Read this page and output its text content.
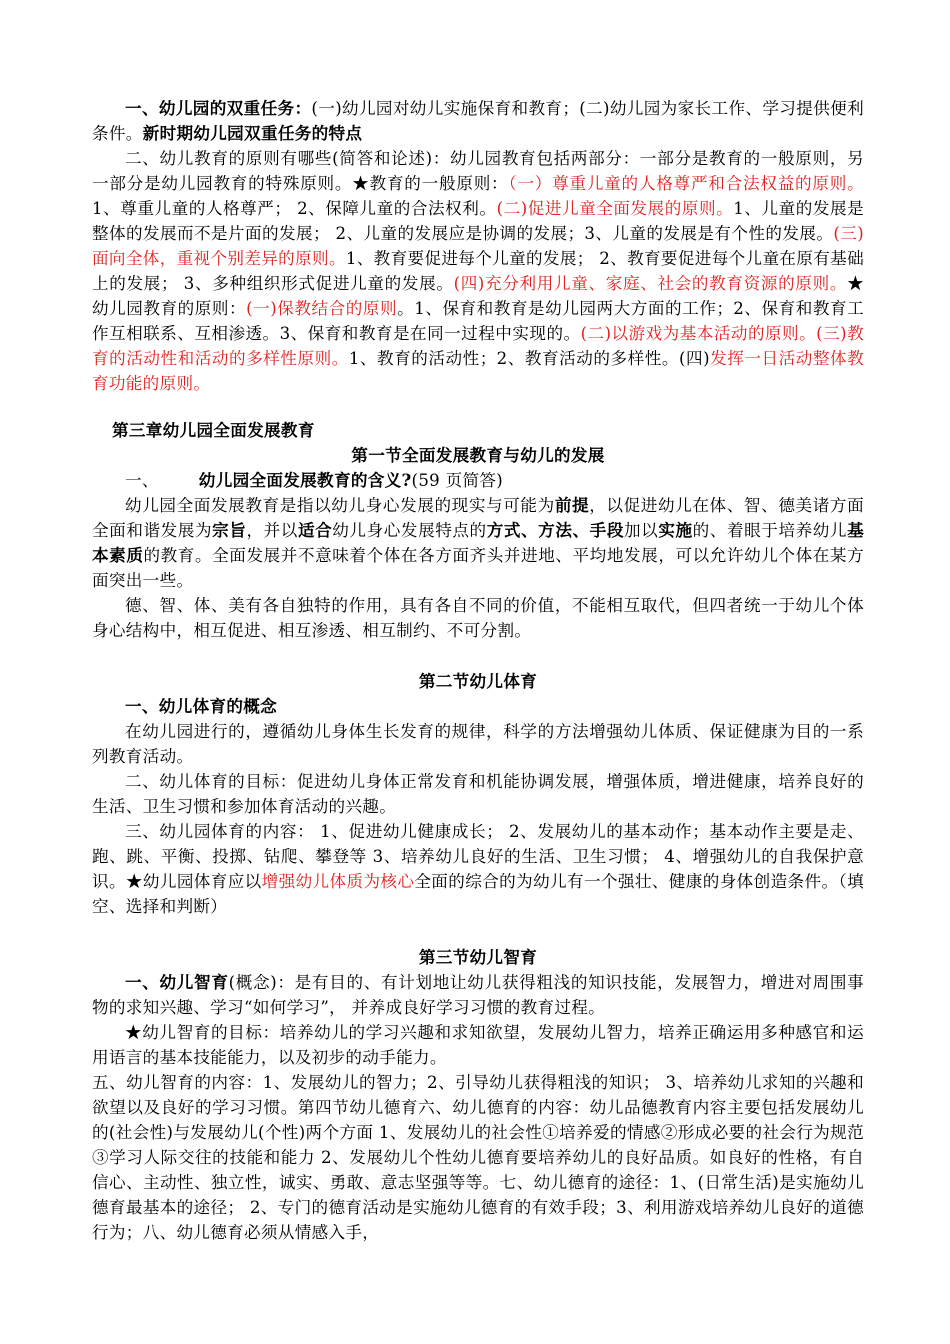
一、幼儿园的双重任务：(一)幼儿园对幼儿实施保育和教育；(二)幼儿园为家长工作、学习提供便利条件。新时期幼儿园双重任务的特点

二、幼儿教育的原则有哪些(简答和论述)：幼儿园教育包括两部分：一部分是教育的一般原则，另一部分是幼儿园教育的特殊原则。★教育的一般原则：（一）尊重儿童的人格尊严和合法权益的原则。1、尊重儿童的人格尊严； 2、保障儿童的合法权利。(二)促进儿童全面发展的原则。1、儿童的发展是整体的发展而不是片面的发展； 2、儿童的发展应是协调的发展；3、儿童的发展是有个性的发展。(三)面向全体，重视个别差异的原则。1、教育要促进每个儿童的发展； 2、教育要促进每个儿童在原有基础上的发展； 3、多种组织形式促进儿童的发展。(四)充分利用儿童、家庭、社会的教育资源的原则。★幼儿园教育的原则：(一)保教结合的原则。1、保育和教育是幼儿园两大方面的工作；2、保育和教育工作互相联系、互相渗透。3、保育和教育是在同一过程中实现的。(二)以游戏为基本活动的原则。(三)教育的活动性和活动的多样性原则。1、教育的活动性；2、教育活动的多样性。(四)发挥一日活动整体教育功能的原则。

第三章幼儿园全面发展教育

第一节全面发展教育与幼儿的发展

一、 幼儿园全面发展教育的含义?(59 页简答)

幼儿园全面发展教育是指以幼儿身心发展的现实与可能为前提，以促进幼儿在体、智、德美诸方面全面和谐发展为宗旨，并以适合幼儿身心发展特点的方式、方法、手段加以实施的、着眼于培养幼儿基本素质的教育。全面发展并不意味着个体在各方面齐头并进地、平均地发展，可以允许幼儿个体在某方面突出一些。

德、智、体、美有各自独特的作用，具有各自不同的价值，不能相互取代，但四者统一于幼儿个体身心结构中，相互促进、相互渗透、相互制约、不可分割。

第二节幼儿体育

一、幼儿体育的概念

在幼儿园进行的，遵循幼儿身体生长发育的规律，科学的方法增强幼儿体质、保证健康为目的一系列教育活动。

二、幼儿体育的目标：促进幼儿身体正常发育和机能协调发展，增强体质，增进健康，培养良好的生活、卫生习惯和参加体育活动的兴趣。

三、幼儿园体育的内容： 1、促进幼儿健康成长； 2、发展幼儿的基本动作；基本动作主要是走、跑、跳、平衡、投掷、钻爬、攀登等 3、培养幼儿良好的生活、卫生习惯； 4、增强幼儿的自我保护意识。★幼儿园体育应以增强幼儿体质为核心全面的综合的为幼儿有一个强壮、健康的身体创造条件。（填空、选择和判断）

第三节幼儿智育

一、幼儿智育(概念)：是有目的、有计划地让幼儿获得粗浅的知识技能，发展智力，增进对周围事物的求知兴趣、学习“如何学习”， 并养成良好学习习惯的教育过程。

★幼儿智育的目标：培养幼儿的学习兴趣和求知欲望，发展幼儿智力，培养正确运用多种感官和运用语言的基本技能能力，以及初步的动手能力。

五、幼儿智育的内容：1、发展幼儿的智力；2、引导幼儿获得粗浅的知识； 3、培养幼儿求知的兴趣和欲望以及良好的学习习惯。第四节幼儿德育六、幼儿德育的内容：幼儿品德教育内容主要包括发展幼儿的(社会性)与发展幼儿(个性)两个方面 1、发展幼儿的社会性①培养爱的情感②形成必要的社会行为规范③学习人际交往的技能和能力 2、发展幼儿个性幼儿德育要培养幼儿的良好品质。如良好的性格，有自信心、主动性、独立性，诚实、勇敢、意志坚强等等。七、幼儿德育的途径：1、(日常生活)是实施幼儿德育最基本的途径； 2、专门的德育活动是实施幼儿德育的有效手段；3、利用游戏培养幼儿良好的道德行为；八、幼儿德育必须从情感入手，
